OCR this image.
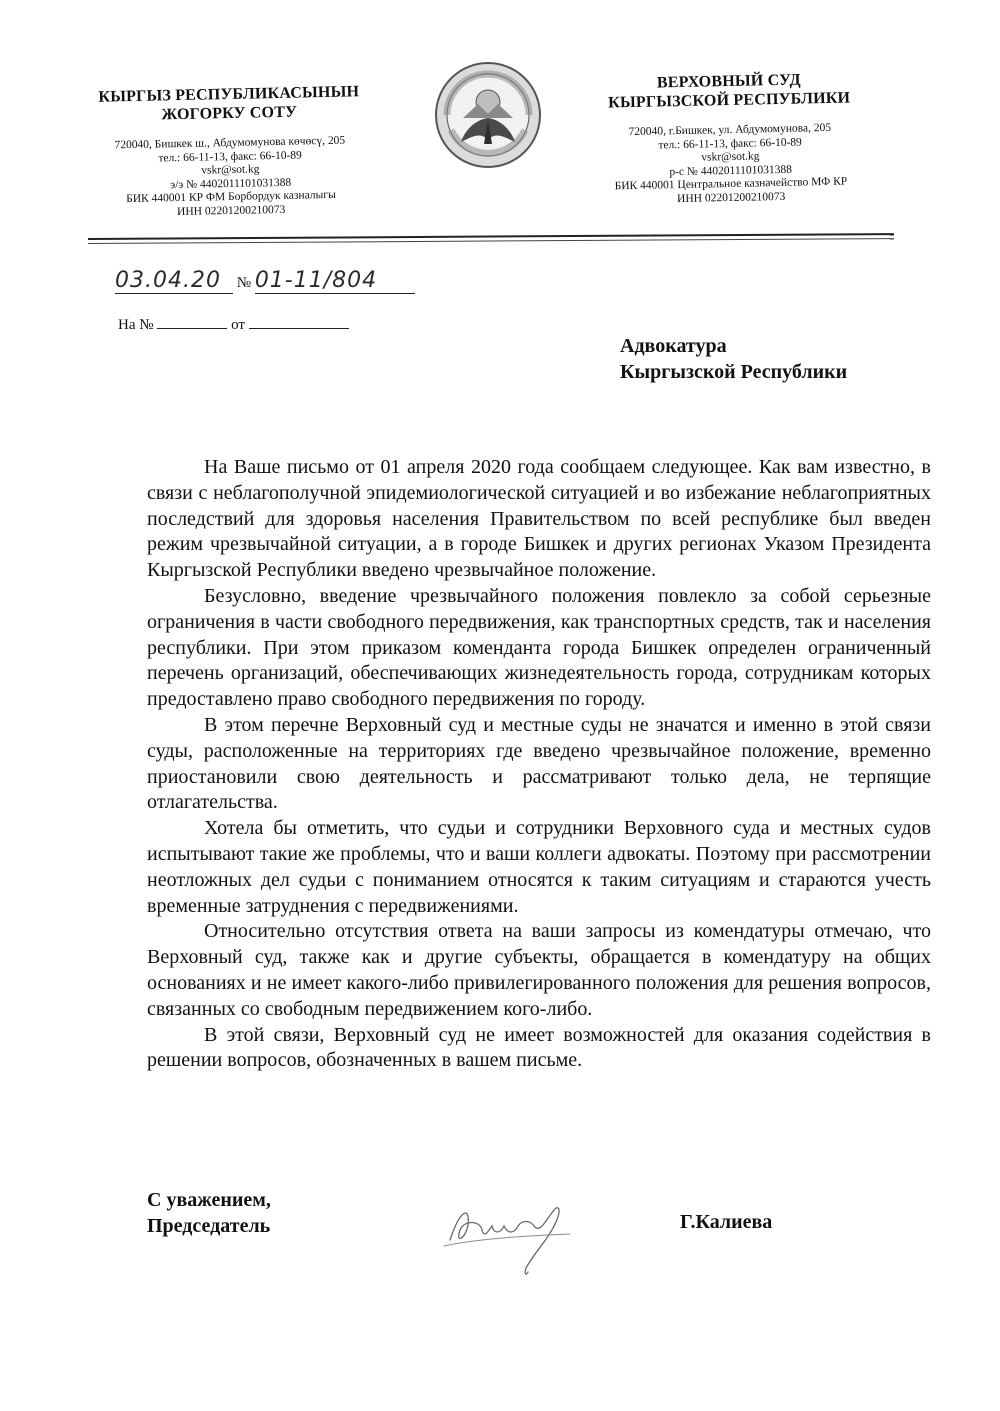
КЫРГЫЗ РЕСПУБЛИКАСЫНЫН
ЖОГОРКУ СОТУ
720040, Бишкек ш., Абдумомунова көчөсү, 205
тел.: 66-11-13, факс: 66-10-89
vskr@sot.kg
э/э № 4402011101031388
БИК 440001 КР ФМ Борбордук казналыгы
ИНН 02201200210073
ВЕРХОВНЫЙ СУД
КЫРГЫЗСКОЙ РЕСПУБЛИКИ
720040, г.Бишкек, ул. Абдумомунова, 205
тел.: 66-11-13, факс: 66-10-89
vskr@sot.kg
р-с № 4402011101031388
БИК 440001 Центральное казначейство МФ КР
ИНН 02201200210073
03.04.20 № 01-11/804
На №	от
Адвокатура
Кыргызской Республики

На Ваше письмо от 01 апреля 2020 года сообщаем следующее. Как вам известно, в связи с неблагополучной эпидемиологической ситуацией и во избежание неблагоприятных последствий для здоровья населения Правительством по всей республике был введен режим чрезвычайной ситуации, а в городе Бишкек и других регионах Указом Президента Кыргызской Республики введено чрезвычайное положение.

Безусловно, введение чрезвычайного положения повлекло за собой серьезные ограничения в части свободного передвижения, как транспортных средств, так и населения республики. При этом приказом коменданта города Бишкек определен ограниченный перечень организаций, обеспечивающих жизнедеятельность города, сотрудникам которых предоставлено право свободного передвижения по городу.

В этом перечне Верховный суд и местные суды не значатся и именно в этой связи суды, расположенные на территориях где введено чрезвычайное положение, временно приостановили свою деятельность и рассматривают только дела, не терпящие отлагательства.

Хотела бы отметить, что судьи и сотрудники Верховного суда и местных судов испытывают такие же проблемы, что и ваши коллеги адвокаты. Поэтому при рассмотрении неотложных дел судьи с пониманием относятся к таким ситуациям и стараются учесть временные затруднения с передвижениями.

Относительно отсутствия ответа на ваши запросы из комендатуры отмечаю, что Верховный суд, также как и другие субъекты, обращается в комендатуру на общих основаниях и не имеет какого-либо привилегированного положения для решения вопросов, связанных со свободным передвижением кого-либо.

В этой связи, Верховный суд не имеет возможностей для оказания содействия в решении вопросов, обозначенных в вашем письме.

С уважением,
Председатель	Г.Калиева
